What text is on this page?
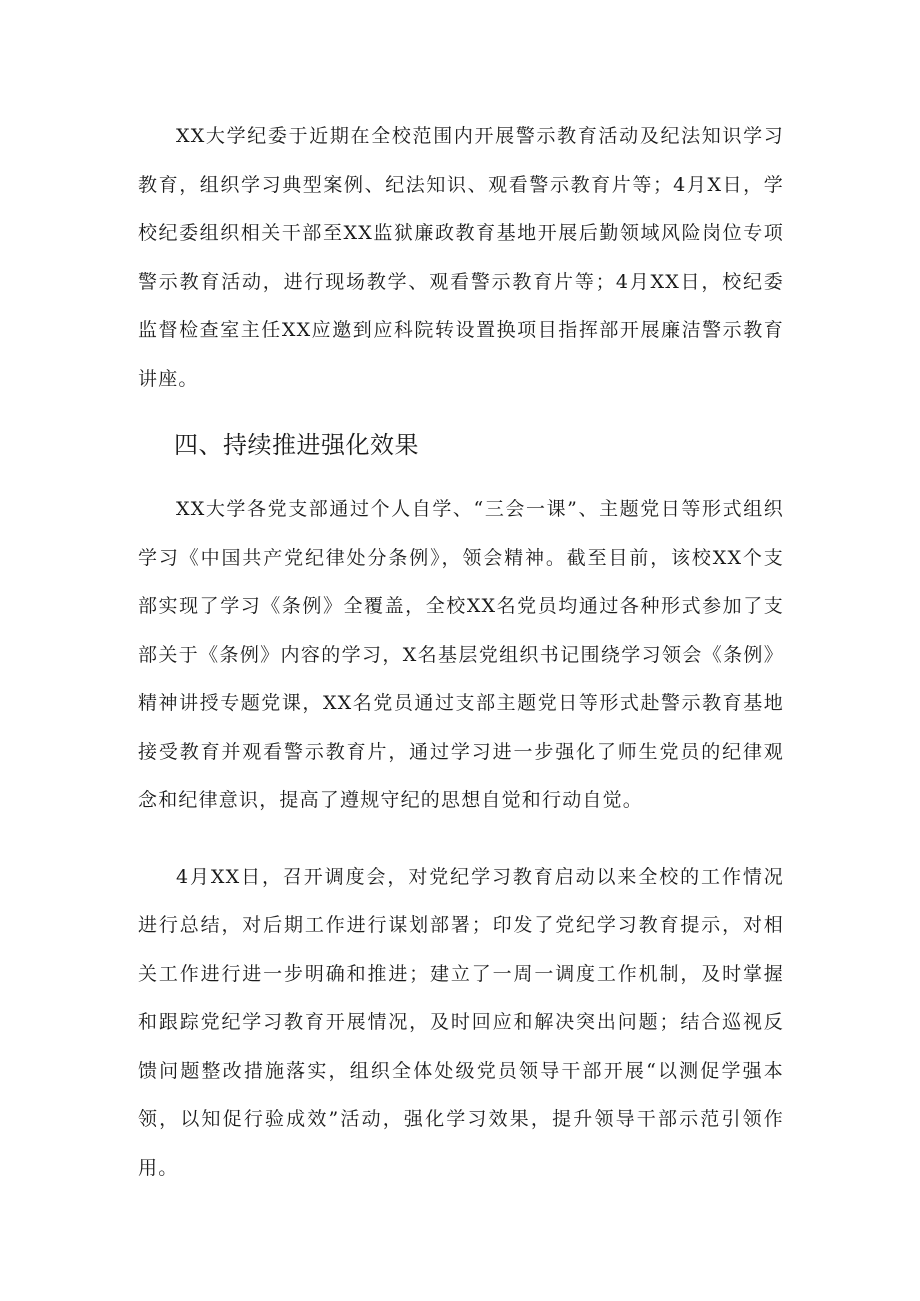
XX大学纪委于近期在全校范围内开展警示教育活动及纪法知识学习教育，组织学习典型案例、纪法知识、观看警示教育片等；4月X日，学校纪委组织相关干部至XX监狱廉政教育基地开展后勤领域风险岗位专项警示教育活动，进行现场教学、观看警示教育片等；4月XX日，校纪委监督检查室主任XX应邀到应科院转设置换项目指挥部开展廉洁警示教育讲座。

四、持续推进强化效果

XX大学各党支部通过个人自学、“三会一课”、主题党日等形式组织学习《中国共产党纪律处分条例》，领会精神。截至目前，该校XX个支部实现了学习《条例》全覆盖，全校XX名党员均通过各种形式参加了支部关于《条例》内容的学习，X名基层党组织书记围绕学习领会《条例》精神讲授专题党课，XX名党员通过支部主题党日等形式赴警示教育基地接受教育并观看警示教育片，通过学习进一步强化了师生党员的纪律观念和纪律意识，提高了遵规守纪的思想自觉和行动自觉。

4月XX日，召开调度会，对党纪学习教育启动以来全校的工作情况进行总结，对后期工作进行谋划部署；印发了党纪学习教育提示，对相关工作进行进一步明确和推进；建立了一周一调度工作机制，及时掌握和跟踪党纪学习教育开展情况，及时回应和解决突出问题；结合巡视反馈问题整改措施落实，组织全体处级党员领导干部开展“以测促学强本领，以知促行验成效”活动，强化学习效果，提升领导干部示范引领作用。
